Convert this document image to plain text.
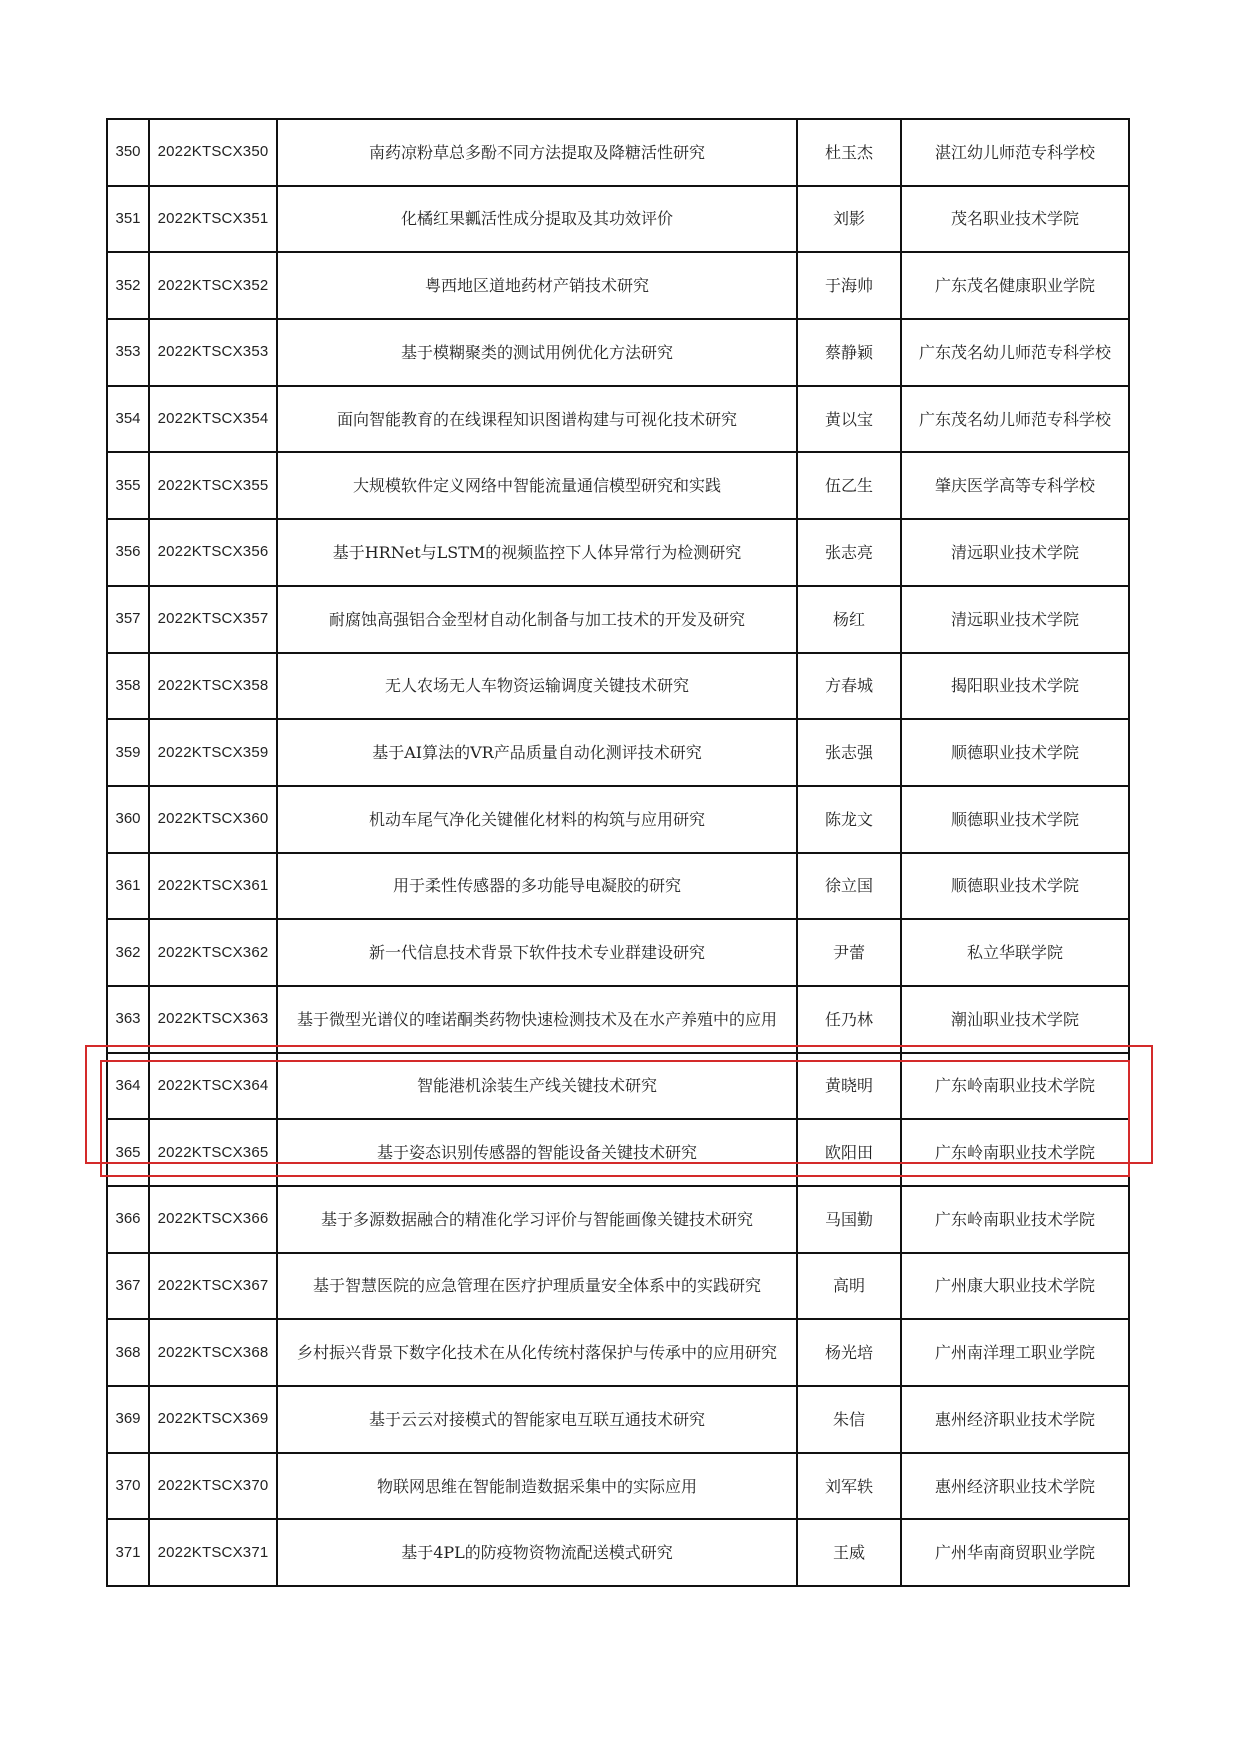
350	2022KTSCX350	南药凉粉草总多酚不同方法提取及降糖活性研究	杜玉杰	湛江幼儿师范专科学校
351	2022KTSCX351	化橘红果瓤活性成分提取及其功效评价	刘影	茂名职业技术学院
352	2022KTSCX352	粤西地区道地药材产销技术研究	于海帅	广东茂名健康职业学院
353	2022KTSCX353	基于模糊聚类的测试用例优化方法研究	蔡静颖	广东茂名幼儿师范专科学校
354	2022KTSCX354	面向智能教育的在线课程知识图谱构建与可视化技术研究	黄以宝	广东茂名幼儿师范专科学校
355	2022KTSCX355	大规模软件定义网络中智能流量通信模型研究和实践	伍乙生	肇庆医学高等专科学校
356	2022KTSCX356	基于HRNet与LSTM的视频监控下人体异常行为检测研究	张志亮	清远职业技术学院
357	2022KTSCX357	耐腐蚀高强铝合金型材自动化制备与加工技术的开发及研究	杨红	清远职业技术学院
358	2022KTSCX358	无人农场无人车物资运输调度关键技术研究	方春城	揭阳职业技术学院
359	2022KTSCX359	基于AI算法的VR产品质量自动化测评技术研究	张志强	顺德职业技术学院
360	2022KTSCX360	机动车尾气净化关键催化材料的构筑与应用研究	陈龙文	顺德职业技术学院
361	2022KTSCX361	用于柔性传感器的多功能导电凝胶的研究	徐立国	顺德职业技术学院
362	2022KTSCX362	新一代信息技术背景下软件技术专业群建设研究	尹蕾	私立华联学院
363	2022KTSCX363	基于微型光谱仪的喹诺酮类药物快速检测技术及在水产养殖中的应用	任乃林	潮汕职业技术学院
364	2022KTSCX364	智能港机涂装生产线关键技术研究	黄晓明	广东岭南职业技术学院
365	2022KTSCX365	基于姿态识别传感器的智能设备关键技术研究	欧阳田	广东岭南职业技术学院
366	2022KTSCX366	基于多源数据融合的精准化学习评价与智能画像关键技术研究	马国勤	广东岭南职业技术学院
367	2022KTSCX367	基于智慧医院的应急管理在医疗护理质量安全体系中的实践研究	高明	广州康大职业技术学院
368	2022KTSCX368	乡村振兴背景下数字化技术在从化传统村落保护与传承中的应用研究	杨光培	广州南洋理工职业学院
369	2022KTSCX369	基于云云对接模式的智能家电互联互通技术研究	朱信	惠州经济职业技术学院
370	2022KTSCX370	物联网思维在智能制造数据采集中的实际应用	刘军轶	惠州经济职业技术学院
371	2022KTSCX371	基于4PL的防疫物资物流配送模式研究	王威	广州华南商贸职业学院
